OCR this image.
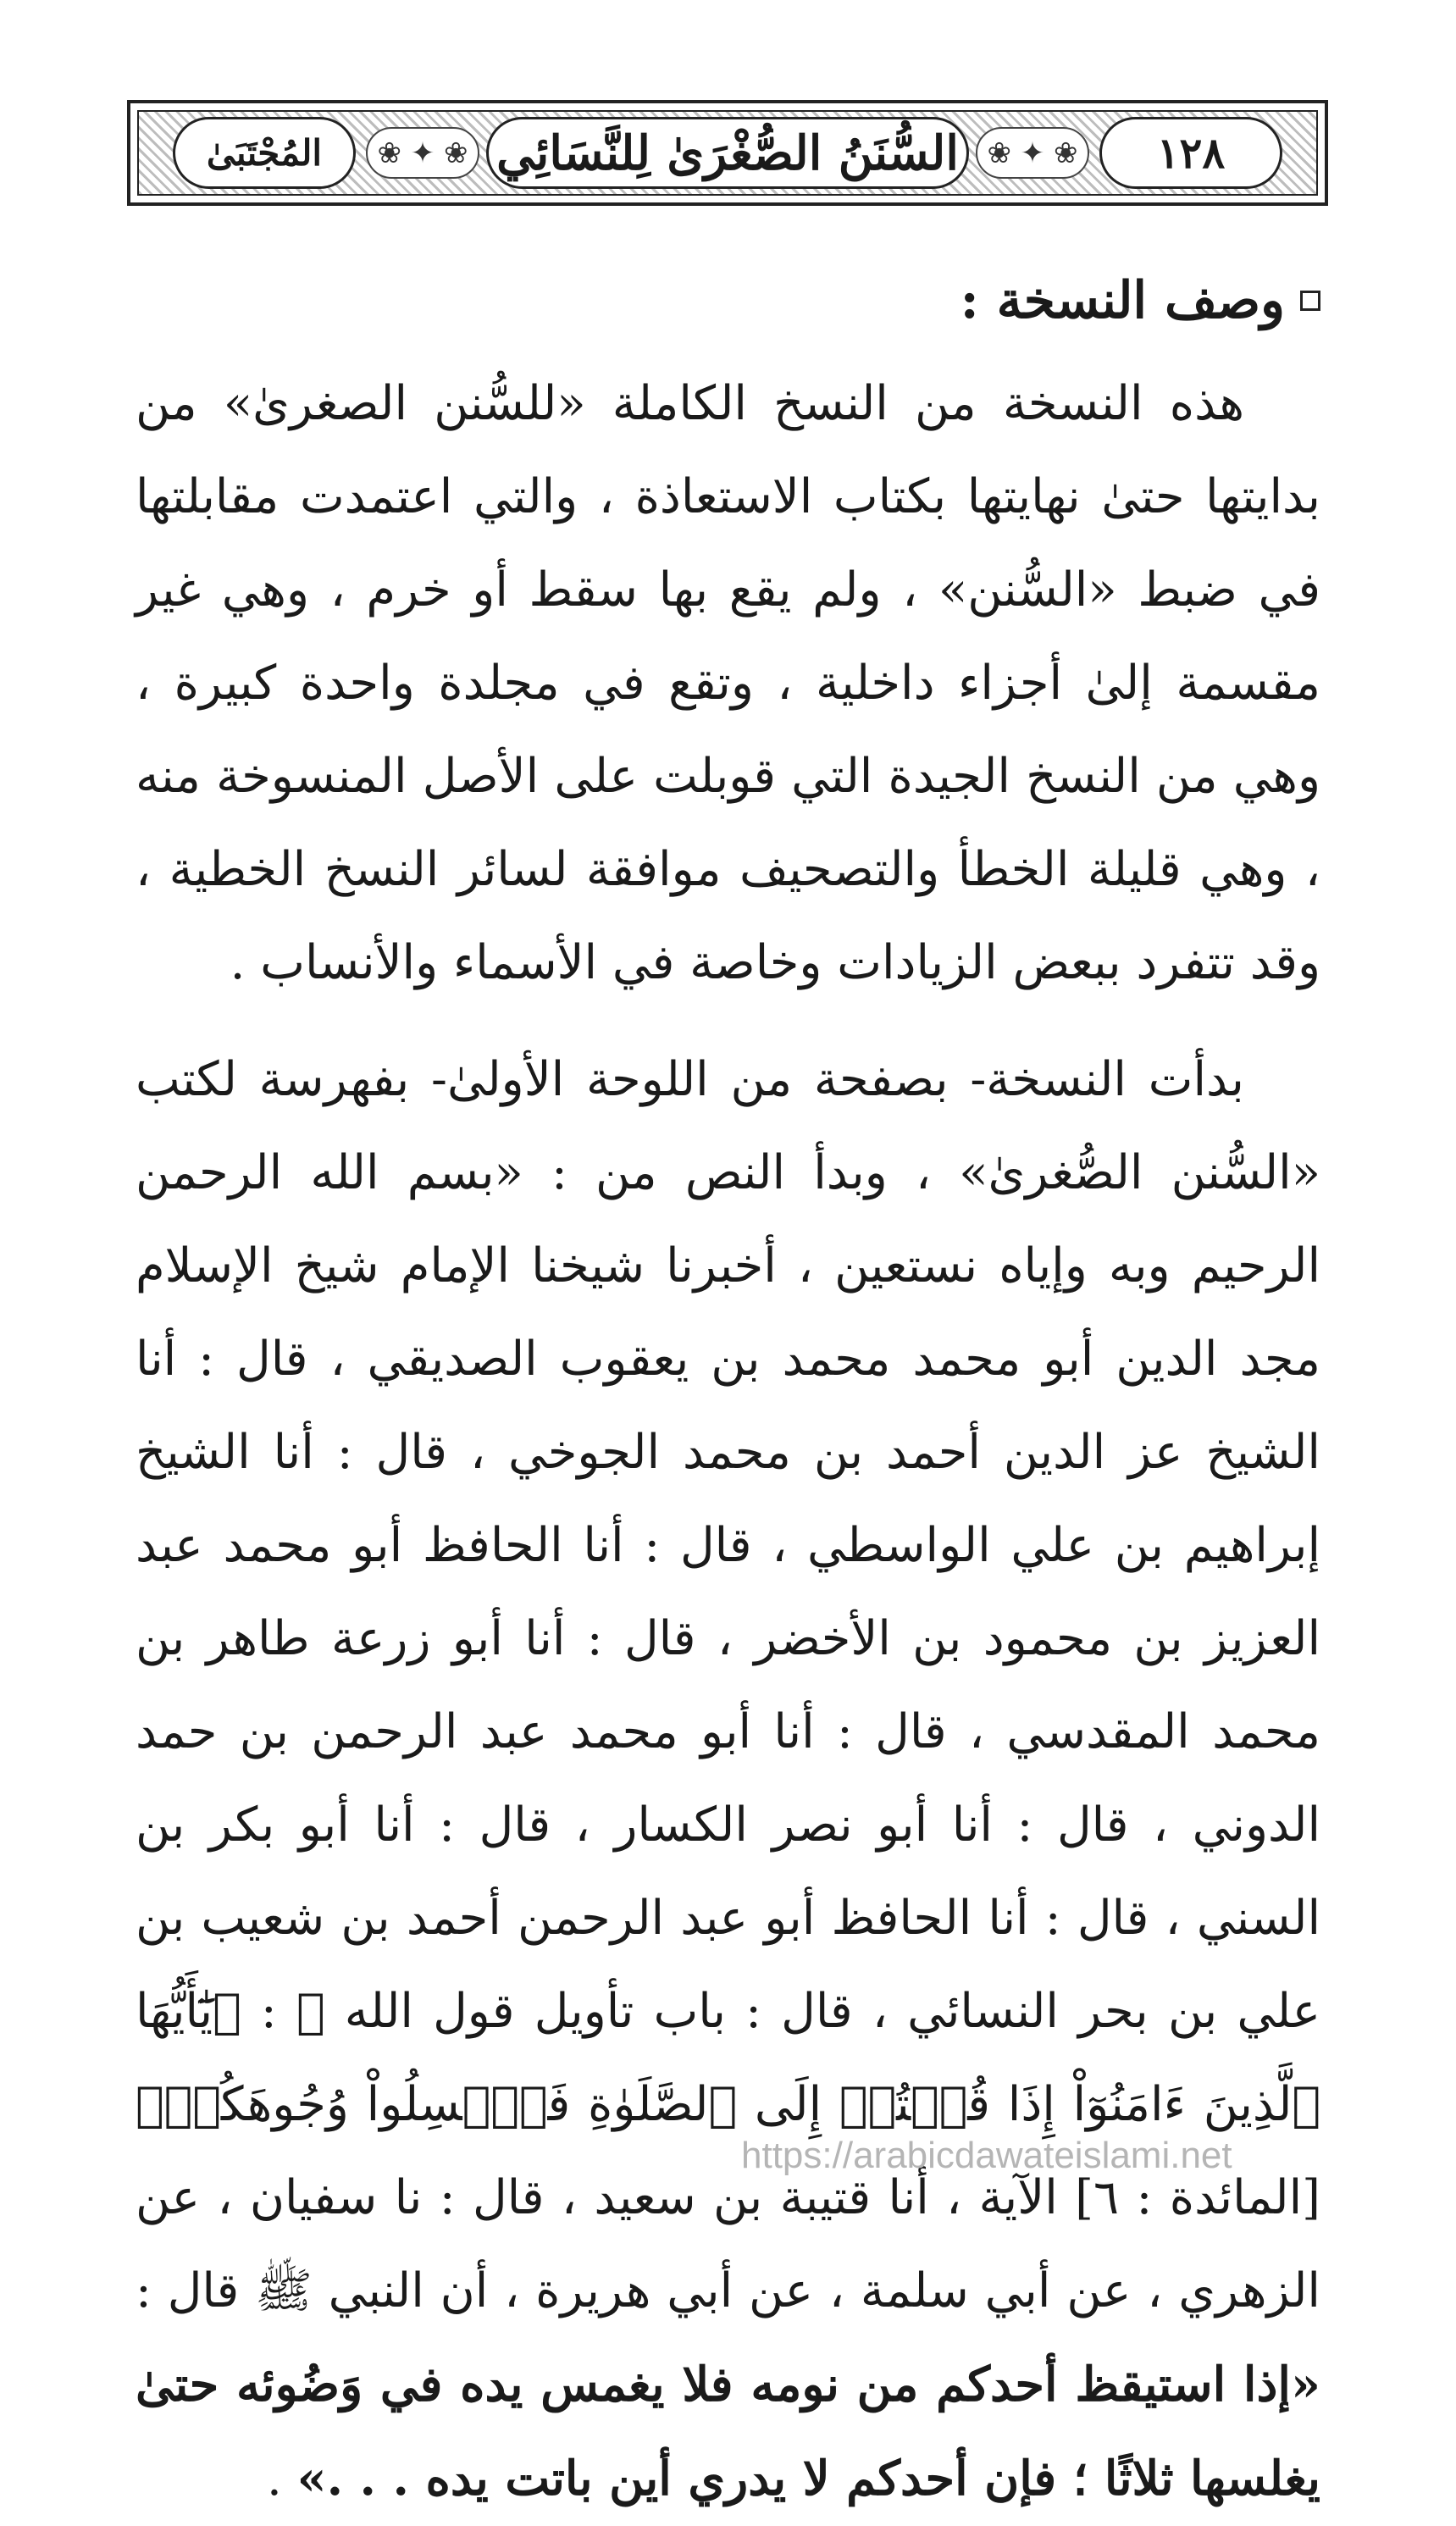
١٢٨
❀ ✦ ❀
السُّنَنُ الصُّغْرَىٰ لِلنَّسَائِي
❀ ✦ ❀
المُجْتَبَىٰ
وصف النسخة :

هذه النسخة من النسخ الكاملة «للسُّنن الصغرىٰ» من بدايتها حتىٰ نهايتها بكتاب الاستعاذة ، والتي اعتمدت مقابلتها في ضبط «السُّنن» ، ولم يقع بها سقط أو خرم ، وهي غير مقسمة إلىٰ أجزاء داخلية ، وتقع في مجلدة واحدة كبيرة ، وهي من النسخ الجيدة التي قوبلت على الأصل المنسوخة منه ، وهي قليلة الخطأ والتصحيف موافقة لسائر النسخ الخطية ، وقد تتفرد ببعض الزيادات وخاصة في الأسماء والأنساب .

بدأت النسخة- بصفحة من اللوحة الأولىٰ- بفهرسة لكتب «السُّنن الصُّغرىٰ» ، وبدأ النص من : «بسم الله الرحمن الرحيم وبه وإياه نستعين ، أخبرنا شيخنا الإمام شيخ الإسلام مجد الدين أبو محمد محمد بن يعقوب الصديقي ، قال : أنا الشيخ عز الدين أحمد بن محمد الجوخي ، قال : أنا الشيخ إبراهيم بن علي الواسطي ، قال : أنا الحافظ أبو محمد عبد العزيز بن محمود بن الأخضر ، قال : أنا أبو زرعة طاهر بن محمد المقدسي ، قال : أنا أبو محمد عبد الرحمن بن حمد الدوني ، قال : أنا أبو نصر الكسار ، قال : أنا أبو بكر بن السني ، قال : أنا الحافظ أبو عبد الرحمن أحمد بن شعيب بن علي بن بحر النسائي ، قال : باب تأويل قول الله ﷻ : ﴿يَٰٓأَيُّهَا ٱلَّذِينَ ءَامَنُوٓاْ إِذَا قُمۡتُمۡ إِلَى ٱلصَّلَوٰةِ فَٱغۡسِلُواْ وُجُوهَكُمۡ﴾ [المائدة : ٦] الآية ، أنا قتيبة بن سعيد ، قال : نا سفيان ، عن الزهري ، عن أبي سلمة ، عن أبي هريرة ، أن النبي ﷺ قال : «إذا استيقظ أحدكم من نومه فلا يغمس يده في وَضُوئه حتىٰ يغلسها ثلاثًا ؛ فإن أحدكم لا يدري أين باتت يده . . .» .

https://arabicdawateislami.net
